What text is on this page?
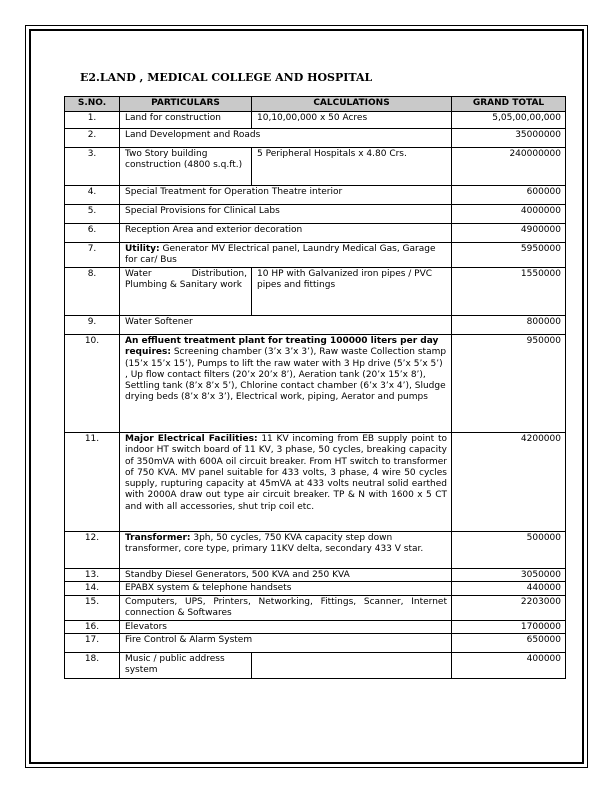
E2.LAND , MEDICAL COLLEGE AND HOSPITAL
S.NO.	PARTICULARS	CALCULATIONS	GRAND TOTAL
1.	Land for construction	10,10,00,000 x 50 Acres	5,05,00,00,000
2.	Land Development and Roads		35000000
3.	Two Story building construction (4800 s.q.ft.)	5 Peripheral Hospitals x 4.80 Crs.	240000000
4.	Special Treatment for Operation Theatre interior		600000
5.	Special Provisions for Clinical Labs		4000000
6.	Reception Area and exterior decoration		4900000
7.	Utility: Generator MV Electrical panel, Laundry Medical Gas, Garage for car/ Bus		5950000
8.	Water Distribution, Plumbing & Sanitary work	10 HP with Galvanized iron pipes / PVC pipes and fittings	1550000
9.	Water Softener		800000
10.	An effluent treatment plant for treating 100000 liters per day requires: Screening chamber (3’x 3’x 3’), Raw waste Collection stamp (15’x 15’x 15’), Pumps to lift the raw water with 3 Hp drive (5’x 5’x 5’) , Up flow contact filters (20’x 20’x 8’), Aeration tank (20’x 15’x 8’), Settling tank (8’x 8’x 5’), Chlorine contact chamber (6’x 3’x 4’), Sludge drying beds (8’x 8’x 3’), Electrical work, piping, Aerator and pumps		950000
11.	Major Electrical Facilities: 11 KV incoming from EB supply point to indoor HT switch board of 11 KV, 3 phase, 50 cycles, breaking capacity of 350mVA with 600A oil circuit breaker. From HT switch to transformer of 750 KVA. MV panel suitable for 433 volts, 3 phase, 4 wire 50 cycles supply, rupturing capacity at 45mVA at 433 volts neutral solid earthed with 2000A draw out type air circuit breaker. TP & N with 1600 x 5 CT and with all accessories, shut trip coil etc.		4200000
12.	Transformer: 3ph, 50 cycles, 750 KVA capacity step down transformer, core type, primary 11KV delta, secondary 433 V star.		500000
13.	Standby Diesel Generators, 500 KVA and 250 KVA		3050000
14.	EPABX system & telephone handsets		440000
15.	Computers, UPS, Printers, Networking, Fittings, Scanner, Internet connection & Softwares		2203000
16.	Elevators		1700000
17.	Fire Control & Alarm System		650000
18.	Music / public address system		400000
